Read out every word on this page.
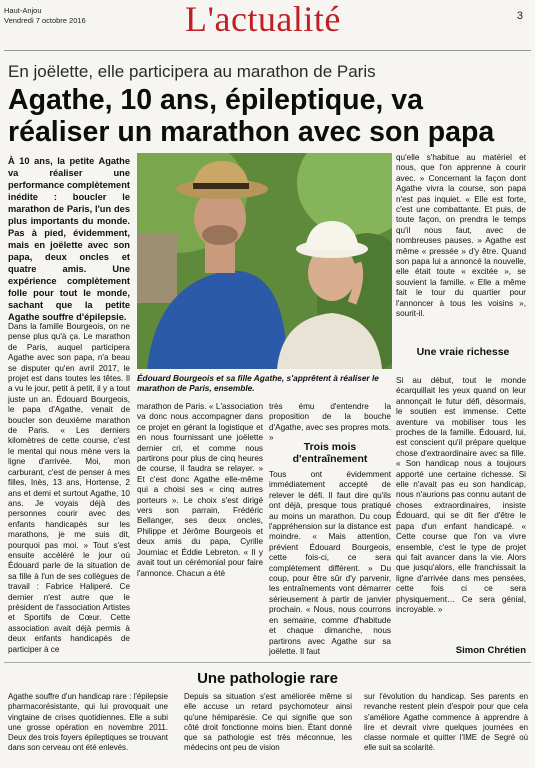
Haut-Anjou
Vendredi 7 octobre 2016	L'actualité	3
En joëlette, elle participera au marathon de Paris
Agathe, 10 ans, épileptique, va réaliser un marathon avec son papa
À 10 ans, la petite Agathe va réaliser une performance complètement inédite : boucler le marathon de Paris, l'un des plus importants du monde. Pas à pied, évidemment, mais en joëlette avec son papa, deux oncles et quatre amis. Une expérience complètement folle pour tout le monde, sachant que la petite Agathe souffre d'épilepsie.
Dans la famille Bourgeois, on ne pense plus qu'à ça. Le marathon de Paris, auquel participera Agathe avec son papa, n'a beau se disputer qu'en avril 2017, le projet est dans toutes les têtes. Il a vu le jour, petit à petit, il y a tout juste un an. Édouard Bourgeois, le papa d'Agathe, venait de boucler son deuxième marathon de Paris. « Les derniers kilomètres de cette course, c'est le mental qui nous mène vers la ligne d'arrivée. Moi, mon carburant, c'est de penser à mes filles, Inès, 13 ans, Hortense, 2 ans et demi et surtout Agathe, 10 ans. Je voyais déjà des personnes courir avec des enfants handicapés sur les marathons, je me suis dit, pourquoi pas moi. » Tout s'est ensuite accéléré le jour où Édouard parle de la situation de sa fille à l'un de ses collègues de travail : Fabrice Haliperé. Ce dernier n'est autre que le président de l'association Artistes et Sportifs de Cœur. Cette association avait déjà permis à deux enfants handicapés de participer à ce
Édouard Bourgeois et sa fille Agathe, s'apprêtent à réaliser le marathon de Paris, ensemble.
marathon de Paris. « L'association va donc nous accompagner dans ce projet en gérant la logistique et en nous fournissant une joëlette dernier cri, et comme nous partirons pour plus de cinq heures de course, il faudra se relayer. » Et c'est donc Agathe elle-même qui a choisi ses « cinq autres porteurs ». Le choix s'est dirigé vers son parrain, Frédéric Bellanger, ses deux oncles, Philippe et Jérôme Bourgeois et deux amis du papa, Cyrille Journiac et Éddie Lebreton. « Il y avait tout un cérémonial pour faire l'annonce. Chacun a été
très ému d'entendre la proposition de la bouche d'Agathe, avec ses propres mots. »
Trois mois d'entraînement
Tous ont évidemment immédiatement accepté de relever le défi. Il faut dire qu'ils ont déjà, presque tous pratiqué au moins un marathon. Du coup l'appréhension sur la distance est moindre. « Mais attention, prévient Édouard Bourgeois, cette fois-ci, ce sera complètement différent. » Du coup, pour être sûr d'y parvenir, les entraînements vont démarrer sérieusement à partir de janvier prochain. « Nous, nous courrons en semaine, comme d'habitude et chaque dimanche, nous partirons avec Agathe sur sa joëlette. Il faut
qu'elle s'habitue au matériel et nous, que l'on apprenne à courir avec. » Concernant la façon dont Agathe vivra la course, son papa n'est pas inquiet. « Elle est forte, c'est une combattante. Et puis, de toute façon, on prendra le temps qu'il nous faut, avec de nombreuses pauses. » Agathe est même « pressée » d'y être. Quand son papa lui a annoncé la nouvelle, elle était toute « excitée », se souvient la famille. « Elle a même fait le tour du quartier pour l'annoncer à tous les voisins », sourit-il.
Une vraie richesse
Si au début, tout le monde écarquillait les yeux quand on leur annonçait le futur défi, désormais, le soutien est immense. Cette aventure va mobiliser tous les proches de la famille. Édouard, lui, est conscient qu'il prépare quelque chose d'extraordinaire avec sa fille. « Son handicap nous a toujours apporté une certaine richesse. Si elle n'avait pas eu son handicap, nous n'aurions pas connu autant de choses extraordinaires, insiste Édouard, qui se dit fier d'être le papa d'un enfant handicapé. « Cette course que l'on va vivre ensemble, c'est le type de projet qui fait avancer dans la vie. Alors que jusqu'alors, elle franchissait la ligne d'arrivée dans mes pensées, cette fois ci ce sera physiquement… Ce sera génial, incroyable. »
Simon Chrétien
Une pathologie rare
Agathe souffre d'un handicap rare : l'épilepsie pharmacorésistante, qui lui provoquait une vingtaine de crises quotidiennes. Elle a subi une grosse opération en novembre 2011. Deux des trois foyers épileptiques se trouvant dans son cerveau ont été enlevés.
Depuis sa situation s'est améliorée même si elle accuse un retard psychomoteur ainsi qu'une hémiparésie. Ce qui signifie que son côté droit fonctionne moins bien. Étant donné que sa pathologie est très méconnue, les médecins ont peu de vision
sur l'évolution du handicap. Ses parents en revanche restent plein d'espoir pour que cela s'améliore Agathe commence à apprendre à lire et devrait vivre quelques journées en classe normale et quitter l'IME de Segré où elle suit sa scolarité.
